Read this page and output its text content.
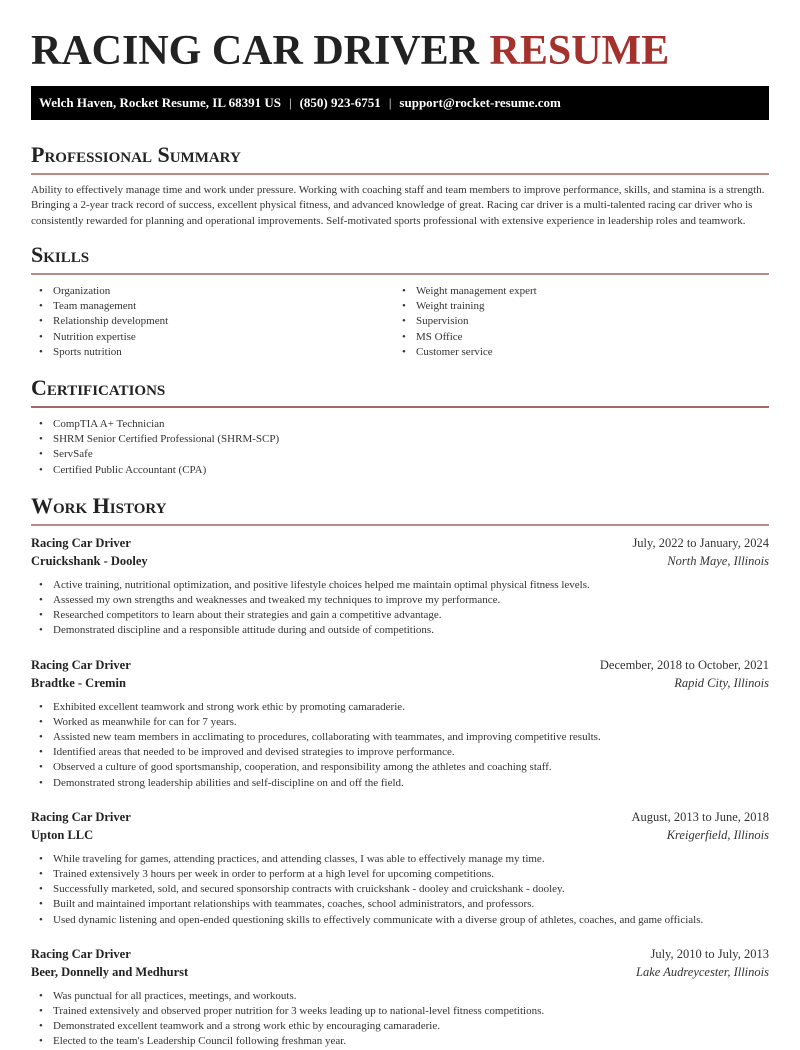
RACING CAR DRIVER RESUME
Welch Haven, Rocket Resume, IL 68391 US | (850) 923-6751 | support@rocket-resume.com
Professional Summary

Ability to effectively manage time and work under pressure. Working with coaching staff and team members to improve performance, skills, and stamina is a strength. Bringing a 2-year track record of success, excellent physical fitness, and advanced knowledge of great. Racing car driver is a multi-talented racing car driver who is consistently rewarded for planning and operational improvements. Self-motivated sports professional with extensive experience in leadership roles and teamwork.

Skills
• Organization
• Team management
• Relationship development
• Nutrition expertise
• Sports nutrition
• Weight management expert
• Weight training
• Supervision
• MS Office
• Customer service
Certifications
• CompTIA A+ Technician
• SHRM Senior Certified Professional (SHRM-SCP)
• ServSafe
• Certified Public Accountant (CPA)
Work History
Racing Car Driver	July, 2022 to January, 2024
Cruickshank - Dooley	North Maye, Illinois
• Active training, nutritional optimization, and positive lifestyle choices helped me maintain optimal physical fitness levels.
• Assessed my own strengths and weaknesses and tweaked my techniques to improve my performance.
• Researched competitors to learn about their strategies and gain a competitive advantage.
• Demonstrated discipline and a responsible attitude during and outside of competitions.
Racing Car Driver	December, 2018 to October, 2021
Bradtke - Cremin	Rapid City, Illinois
• Exhibited excellent teamwork and strong work ethic by promoting camaraderie.
• Worked as meanwhile for can for 7 years.
• Assisted new team members in acclimating to procedures, collaborating with teammates, and improving competitive results.
• Identified areas that needed to be improved and devised strategies to improve performance.
• Observed a culture of good sportsmanship, cooperation, and responsibility among the athletes and coaching staff.
• Demonstrated strong leadership abilities and self-discipline on and off the field.
Racing Car Driver	August, 2013 to June, 2018
Upton LLC	Kreigerfield, Illinois
• While traveling for games, attending practices, and attending classes, I was able to effectively manage my time.
• Trained extensively 3 hours per week in order to perform at a high level for upcoming competitions.
• Successfully marketed, sold, and secured sponsorship contracts with cruickshank - dooley and cruickshank - dooley.
• Built and maintained important relationships with teammates, coaches, school administrators, and professors.
• Used dynamic listening and open-ended questioning skills to effectively communicate with a diverse group of athletes, coaches, and game officials.
Racing Car Driver	July, 2010 to July, 2013
Beer, Donnelly and Medhurst	Lake Audreycester, Illinois
• Was punctual for all practices, meetings, and workouts.
• Trained extensively and observed proper nutrition for 3 weeks leading up to national-level fitness competitions.
• Demonstrated excellent teamwork and a strong work ethic by encouraging camaraderie.
• Elected to the team's Leadership Council following freshman year.
